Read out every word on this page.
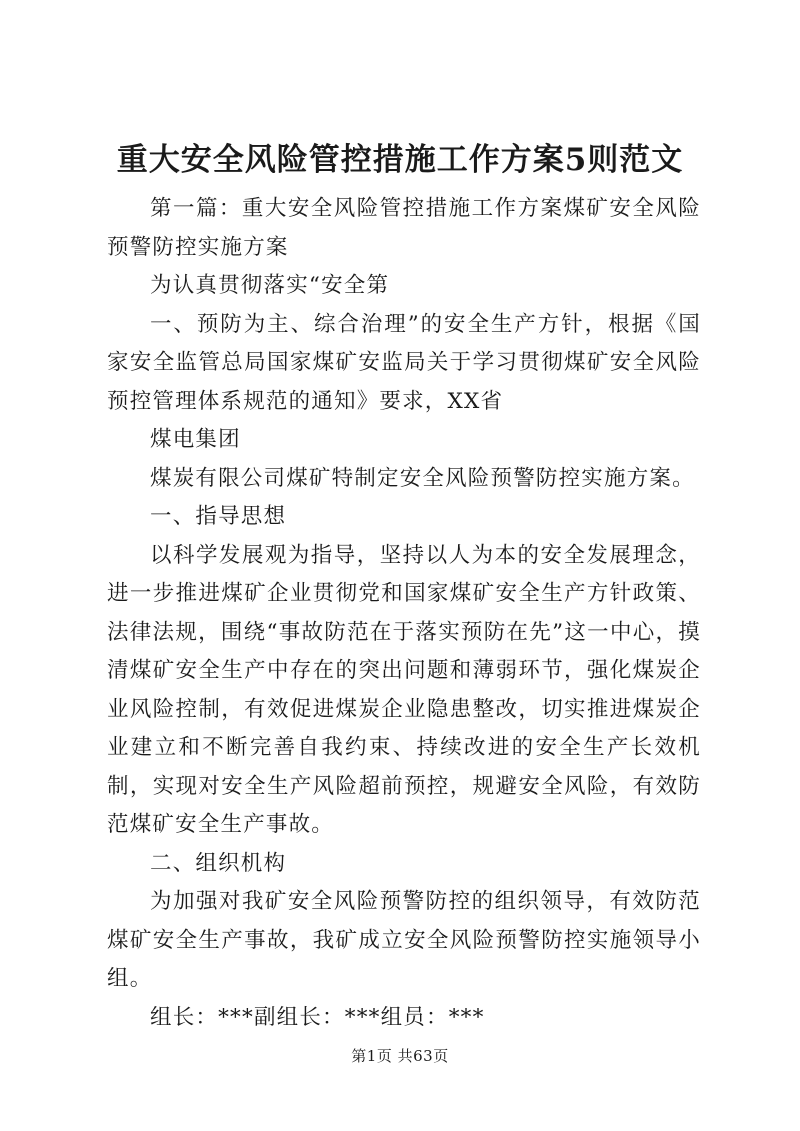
重大安全风险管控措施工作方案5则范文

第一篇：重大安全风险管控措施工作方案煤矿安全风险预警防控实施方案

为认真贯彻落实“安全第

一、预防为主、综合治理”的安全生产方针，根据《国家安全监管总局国家煤矿安监局关于学习贯彻煤矿安全风险预控管理体系规范的通知》要求，XX省

煤电集团

煤炭有限公司煤矿特制定安全风险预警防控实施方案。

一、指导思想

以科学发展观为指导，坚持以人为本的安全发展理念，进一步推进煤矿企业贯彻党和国家煤矿安全生产方针政策、法律法规，围绕“事故防范在于落实预防在先”这一中心，摸清煤矿安全生产中存在的突出问题和薄弱环节，强化煤炭企业风险控制，有效促进煤炭企业隐患整改，切实推进煤炭企业建立和不断完善自我约束、持续改进的安全生产长效机制，实现对安全生产风险超前预控，规避安全风险，有效防范煤矿安全生产事故。

二、组织机构

为加强对我矿安全风险预警防控的组织领导，有效防范煤矿安全生产事故，我矿成立安全风险预警防控实施领导小组。

组长：***副组长：***组员：***

第1页 共63页
